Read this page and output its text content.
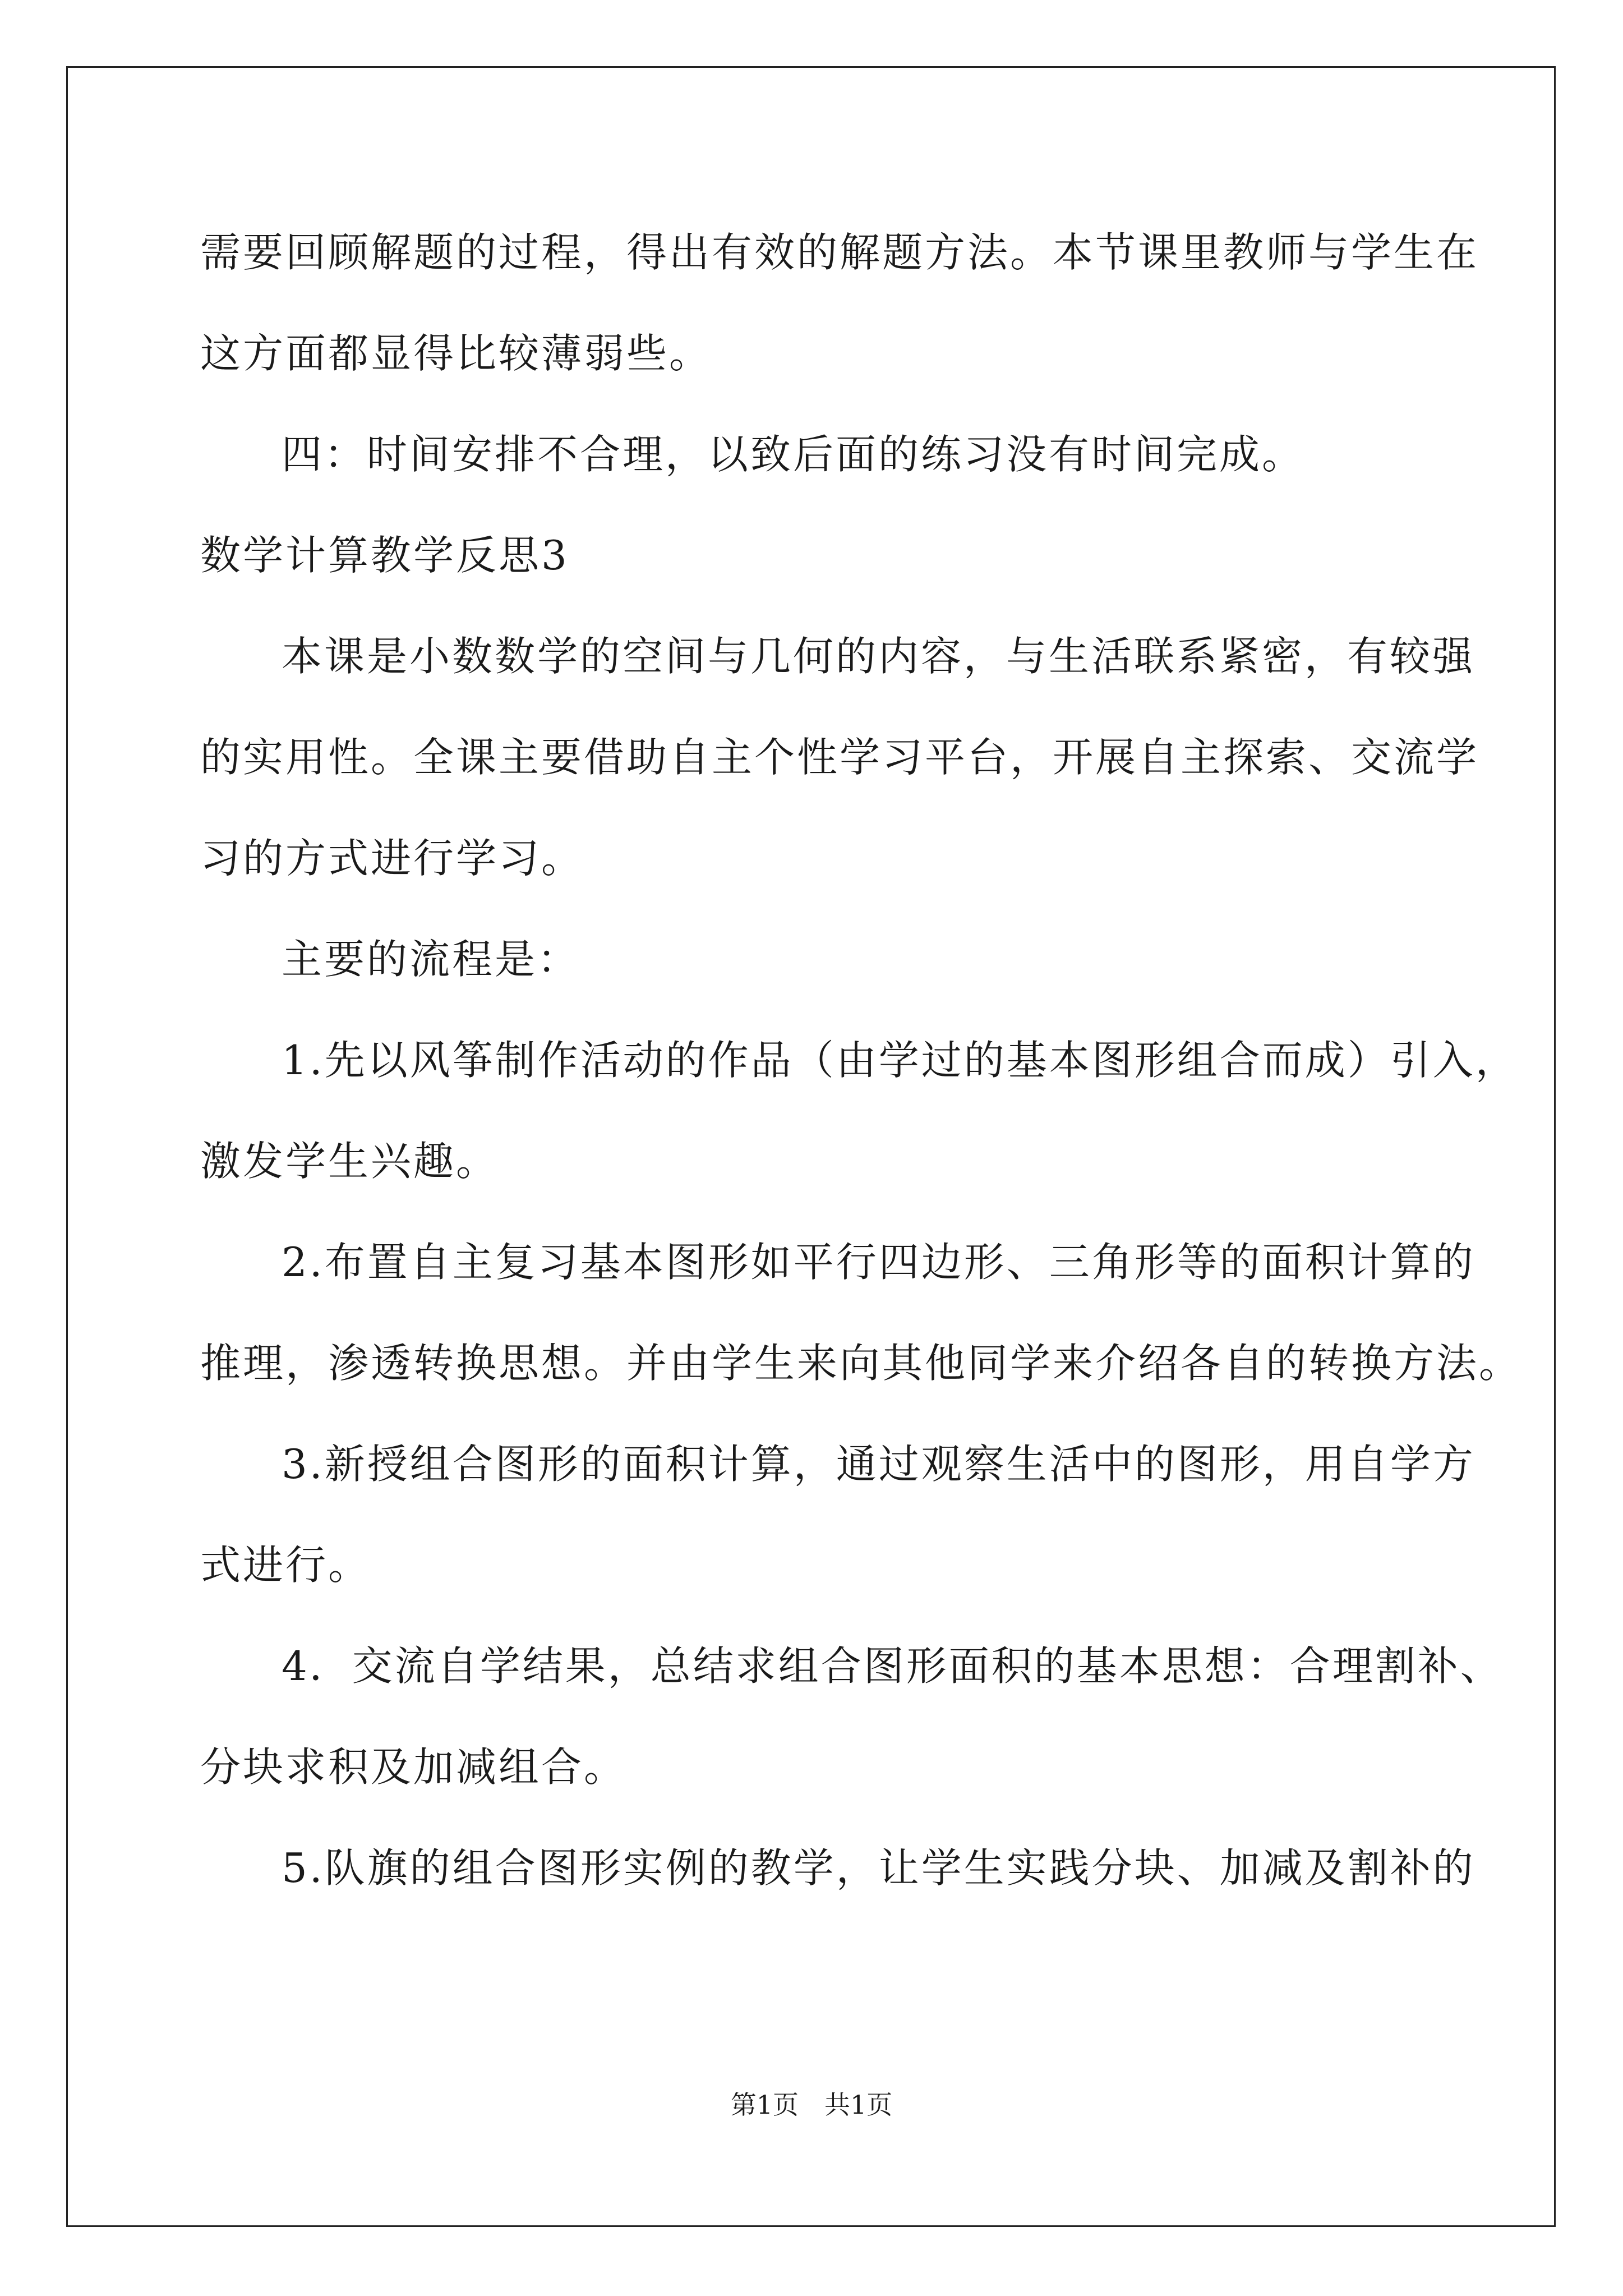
需要回顾解题的过程，得出有效的解题方法。本节课里教师与学生在
这方面都显得比较薄弱些。
四：时间安排不合理，以致后面的练习没有时间完成。
数学计算教学反思3
本课是小数数学的空间与几何的内容，与生活联系紧密，有较强
的实用性。全课主要借助自主个性学习平台，开展自主探索、交流学
习的方式进行学习。
主要的流程是：
1.先以风筝制作活动的作品（由学过的基本图形组合而成）引入，
激发学生兴趣。
2.布置自主复习基本图形如平行四边形、三角形等的面积计算的
推理，渗透转换思想。并由学生来向其他同学来介绍各自的转换方法。
3.新授组合图形的面积计算，通过观察生活中的图形，用自学方
式进行。
4．交流自学结果，总结求组合图形面积的基本思想：合理割补、
分块求积及加减组合。
5.队旗的组合图形实例的教学，让学生实践分块、加减及割补的
第1页　共1页
